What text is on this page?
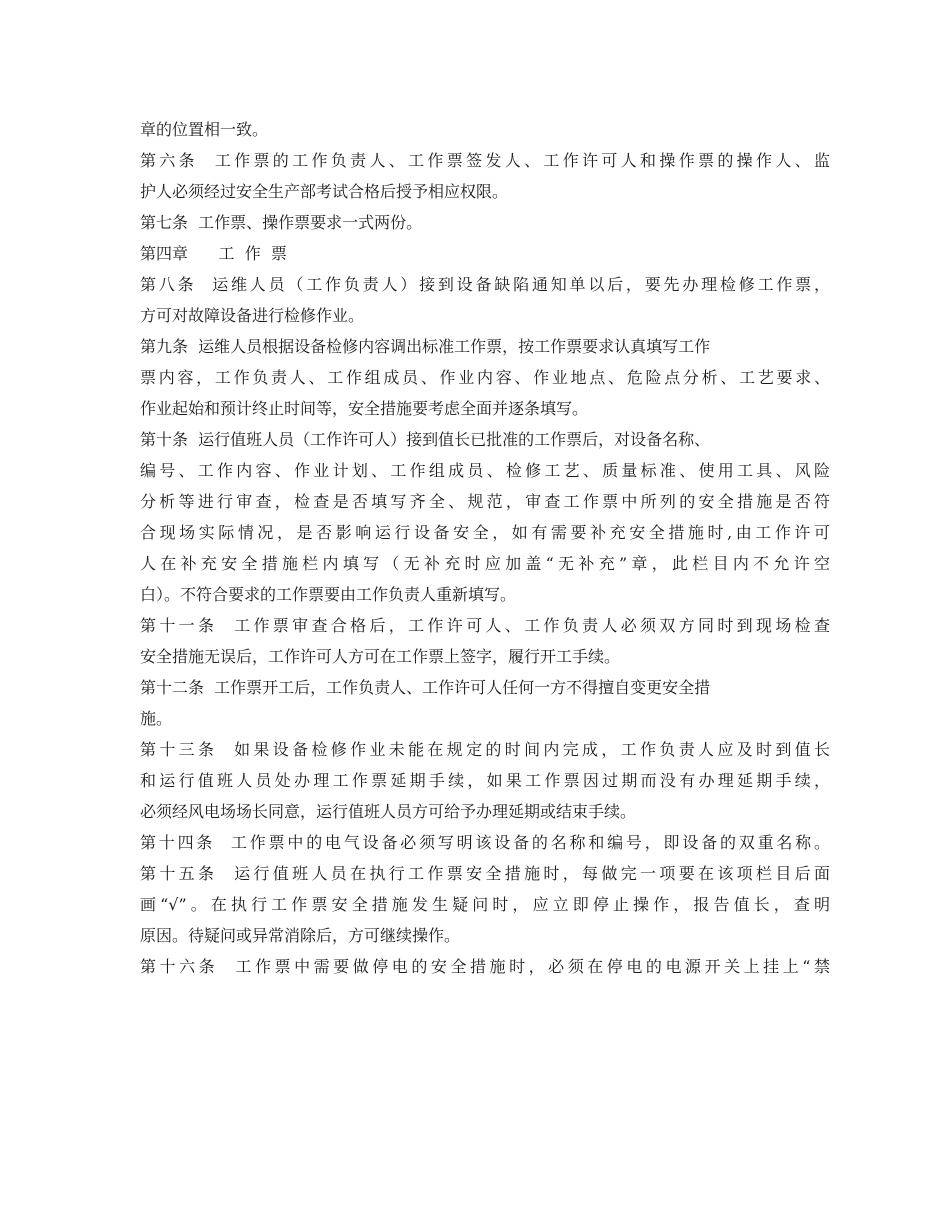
章的位置相一致。
第六条  工作票的工作负责人、工作票签发人、工作许可人和操作票的操作人、监
护人必须经过安全生产部考试合格后授予相应权限。
第七条  工作票、操作票要求一式两份。
第四章      工  作  票
第八条  运维人员（工作负责人）接到设备缺陷通知单以后，要先办理检修工作票，
方可对故障设备进行检修作业。
第九条  运维人员根据设备检修内容调出标准工作票，按工作票要求认真填写工作
票内容，工作负责人、工作组成员、作业内容、作业地点、危险点分析、工艺要求、
作业起始和预计终止时间等，安全措施要考虑全面并逐条填写。
第十条  运行值班人员（工作许可人）接到值长已批准的工作票后，对设备名称、
编号、工作内容、作业计划、工作组成员、检修工艺、质量标准、使用工具、风险
分析等进行审查，检查是否填写齐全、规范，审查工作票中所列的安全措施是否符
合现场实际情况，是否影响运行设备安全，如有需要补充安全措施时,由工作许可
人在补充安全措施栏内填写（无补充时应加盖“无补充”章，此栏目内不允许空
白）。不符合要求的工作票要由工作负责人重新填写。
第十一条  工作票审查合格后，工作许可人、工作负责人必须双方同时到现场检查
安全措施无误后，工作许可人方可在工作票上签字，履行开工手续。
第十二条  工作票开工后，工作负责人、工作许可人任何一方不得擅自变更安全措
施。
第十三条  如果设备检修作业未能在规定的时间内完成，工作负责人应及时到值长
和运行值班人员处办理工作票延期手续，如果工作票因过期而没有办理延期手续，
必须经风电场场长同意，运行值班人员方可给予办理延期或结束手续。
第十四条  工作票中的电气设备必须写明该设备的名称和编号，即设备的双重名称。
第十五条  运行值班人员在执行工作票安全措施时，每做完一项要在该项栏目后面
画“√”。在执行工作票安全措施发生疑问时，应立即停止操作，报告值长，查明
原因。待疑问或异常消除后，方可继续操作。
第十六条  工作票中需要做停电的安全措施时，必须在停电的电源开关上挂上“禁
